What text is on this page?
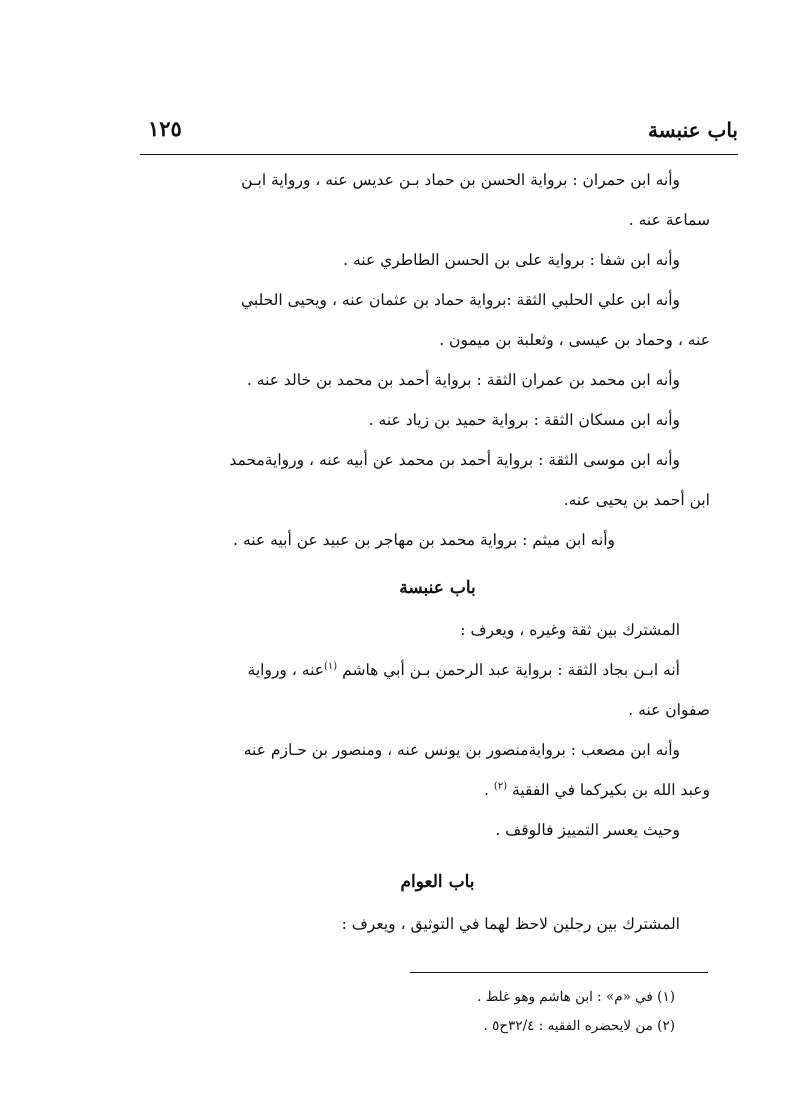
باب عنبسة
١٢٥

وأنه ابن حمران : برواية الحسن بن حماد بـن عديس عنه ، ورواية ابـن

سماعة عنه .

وأنه ابن شفا : برواية على بن الحسن الطاطري عنه .

وأنه ابن علي الحلبي الثقة :برواية حماد بن عثمان عنه ، ويحيى الحلبي

عنه ، وحماد بن عيسى ، وثعلبة بن ميمون .

وأنه ابن محمد بن عمران الثقة : برواية أحمد بن محمد بن خالد عنه .

وأنه ابن مسكان الثقة : برواية حميد بن زياد عنه .

وأنه ابن موسى الثقة : برواية أحمد بن محمد عن أبيه عنه ، وروايةمحمد

ابن أحمد بن يحيى عنه.

وأنه ابن ميثم : برواية محمد بن مهاجر بن عبيد عن أبيه عنه .

باب عنبسة

المشترك بين ثقة وغيره ، ويعرف :

أنه ابـن بجاد الثقة : برواية عبد الرحمن بـن أبي هاشم $^{(١)}$عنه ، ورواية

صفوان عنه .

وأنه ابن مصعب : بروايةمنصور بن يونس عنه ، ومنصور بن حـازم عنه

وعبد الله بن بكيركما في الفقية $^{(٢)}$ .

وحيث يعسر التمييز فالوقف .

باب العوام

المشترك بين رجلين لاحظ لهما في التوثيق ، ويعرف :

(١) في «م» : ابن هاشم وهو غلط .

(٢) من لايحضره الفقيه : ٣٢/٤ح٥ .
